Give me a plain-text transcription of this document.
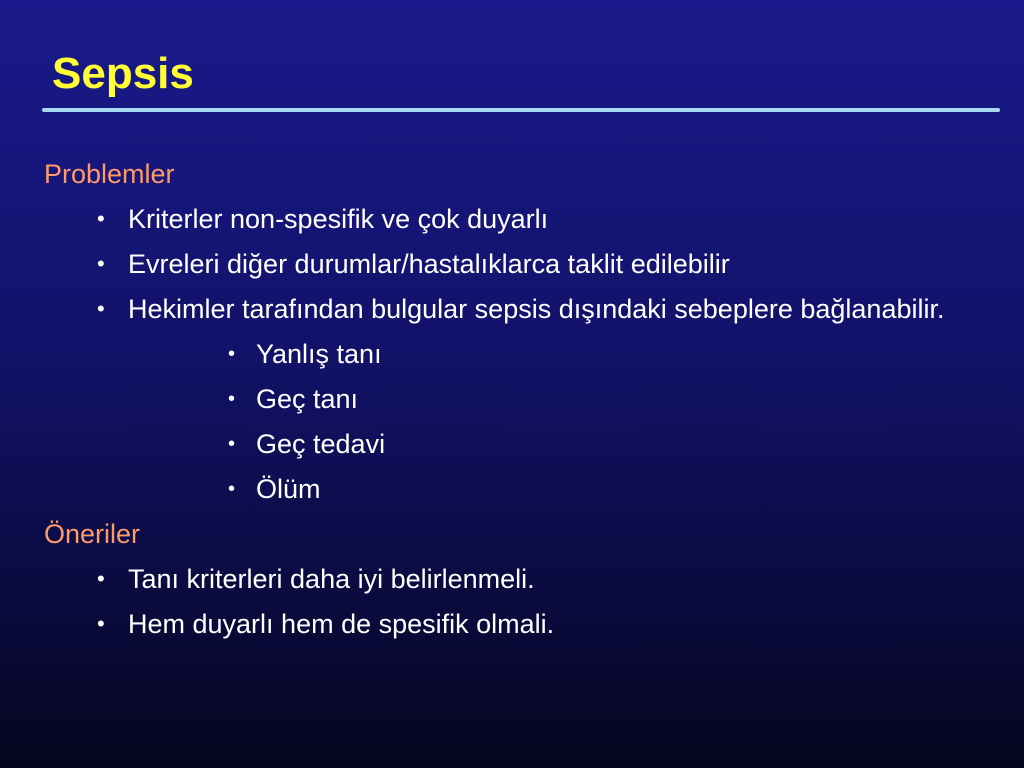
Sepsis
Problemler
• Kriterler non-spesifik ve çok duyarlı
• Evreleri diğer durumlar/hastalıklarca taklit edilebilir
• Hekimler tarafından bulgular sepsis dışındaki sebeplere bağlanabilir.
• Yanlış tanı
• Geç tanı
• Geç tedavi
• Ölüm
Öneriler
• Tanı kriterleri daha iyi belirlenmeli.
• Hem duyarlı hem de spesifik olmali.
